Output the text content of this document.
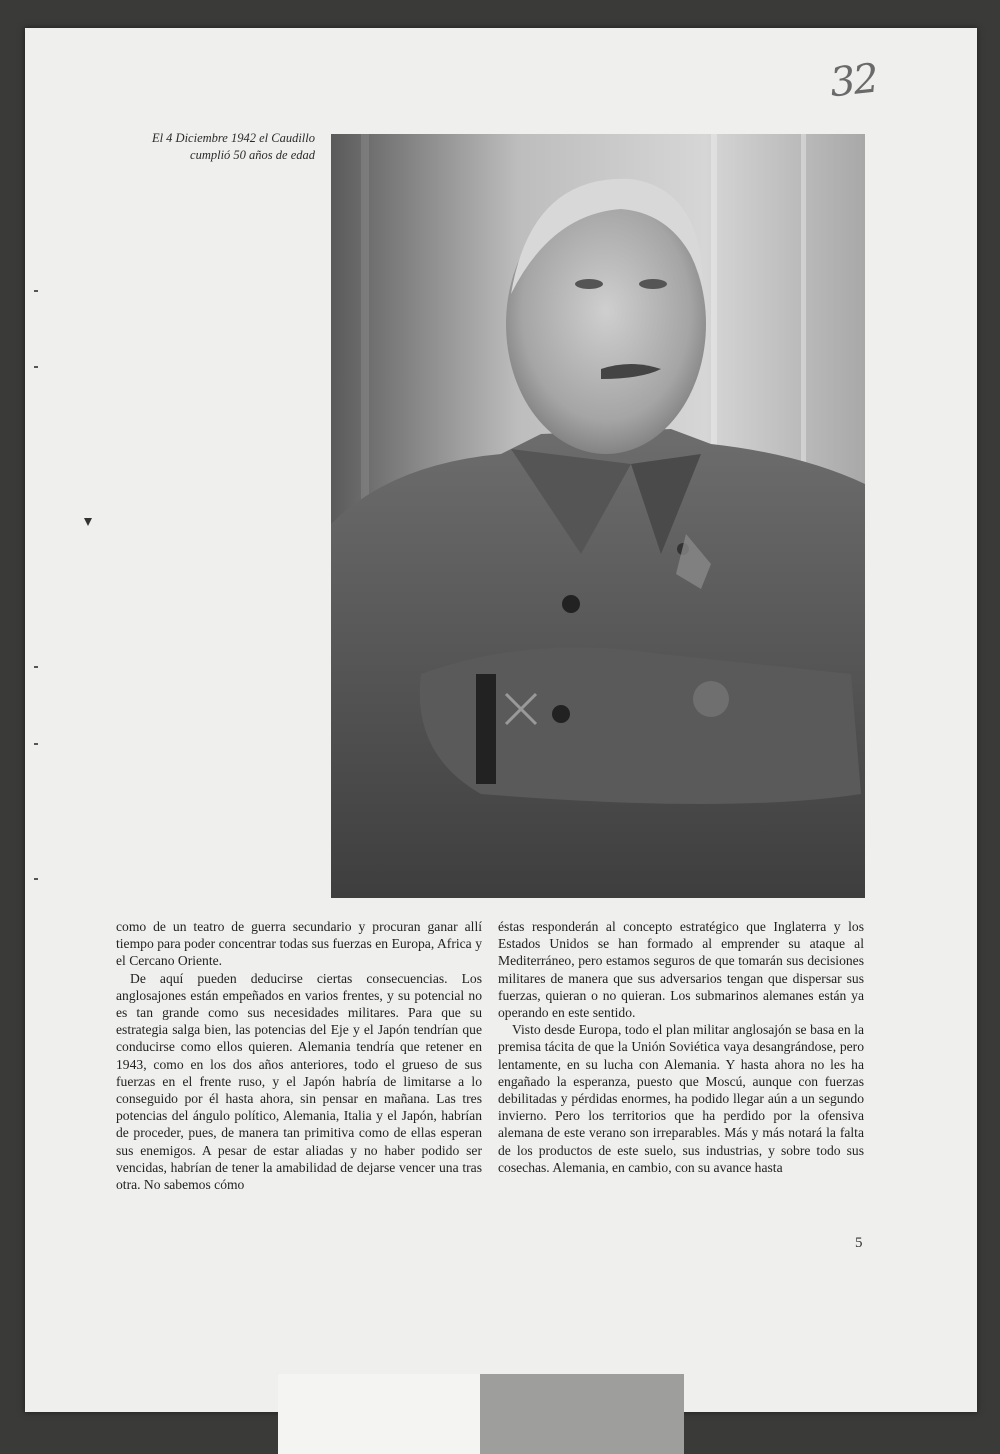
32
El 4 Diciembre 1942 el Caudillo
cumplió 50 años de edad

como de un teatro de guerra secundario y procuran ganar allí tiempo para poder concentrar todas sus fuerzas en Europa, Africa y el Cercano Oriente.

De aquí pueden deducirse ciertas consecuencias. Los anglosajones están empeñados en varios frentes, y su potencial no es tan grande como sus necesidades militares. Para que su estrategia salga bien, las potencias del Eje y el Japón tendrían que conducirse como ellos quieren. Alemania tendría que retener en 1943, como en los dos años anteriores, todo el grueso de sus fuerzas en el frente ruso, y el Japón habría de limitarse a lo conseguido por él hasta ahora, sin pensar en mañana. Las tres potencias del ángulo político, Alemania, Italia y el Japón, habrían de proceder, pues, de manera tan primitiva como de ellas esperan sus enemigos. A pesar de estar aliadas y no haber podido ser vencidas, habrían de tener la amabilidad de dejarse vencer una tras otra. No sabemos cómo

éstas responderán al concepto estratégico que Inglaterra y los Estados Unidos se han formado al emprender su ataque al Mediterráneo, pero estamos seguros de que tomarán sus decisiones militares de manera que sus adversarios tengan que dispersar sus fuerzas, quieran o no quieran. Los submarinos alemanes están ya operando en este sentido.

Visto desde Europa, todo el plan militar anglosajón se basa en la premisa tácita de que la Unión Soviética vaya desangrándose, pero lentamente, en su lucha con Alemania. Y hasta ahora no les ha engañado la esperanza, puesto que Moscú, aunque con fuerzas debilitadas y pérdidas enormes, ha podido llegar aún a un segundo invierno. Pero los territorios que ha perdido por la ofensiva alemana de este verano son irreparables. Más y más notará la falta de los productos de este suelo, sus industrias, y sobre todo sus cosechas. Alemania, en cambio, con su avance hasta

5
